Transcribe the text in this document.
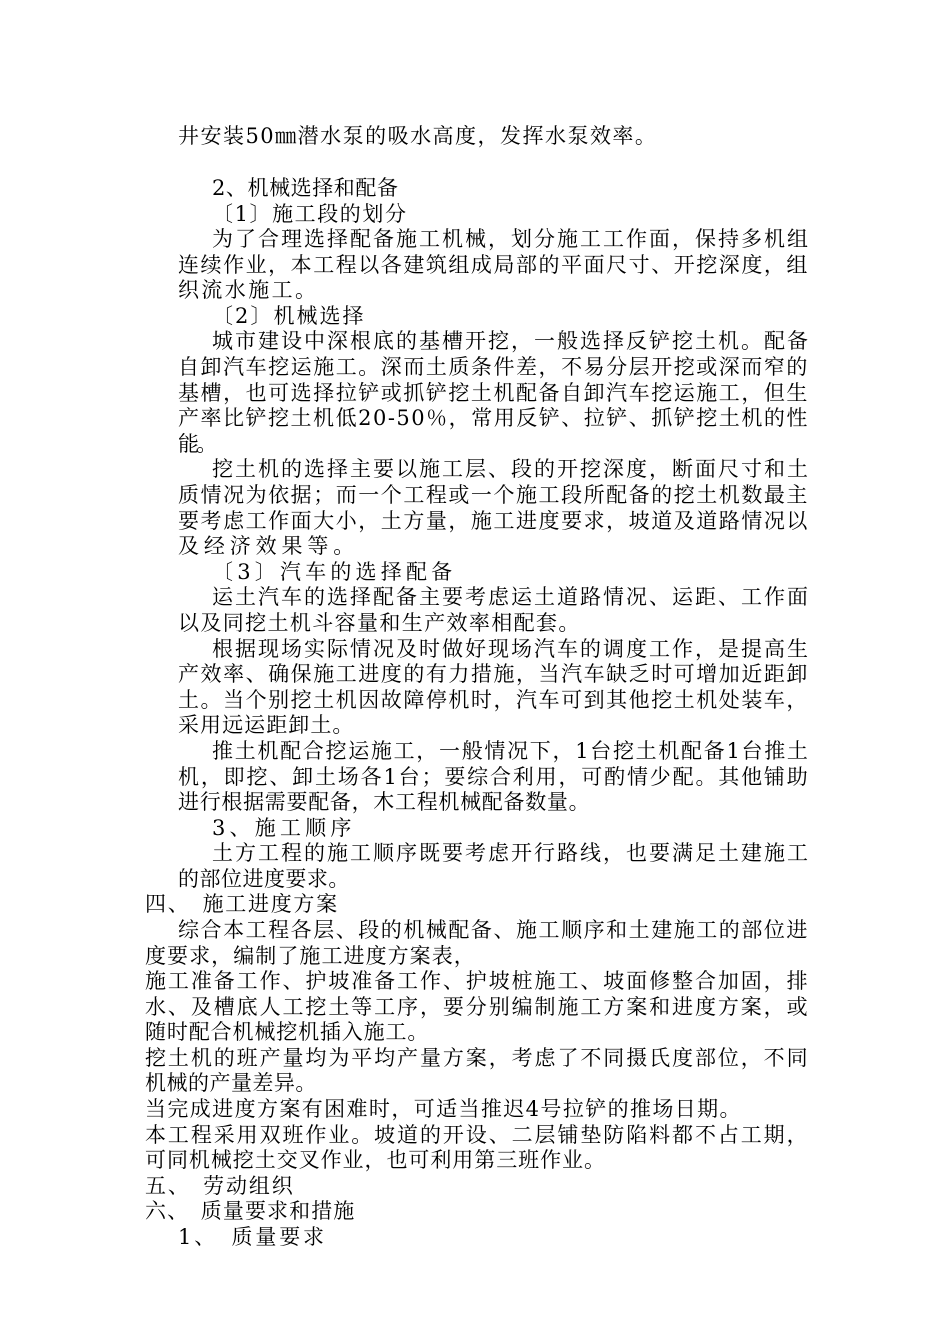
井安装50㎜潜水泵的吸水高度，发挥水泵效率。
2、机械选择和配备
〔1〕施工段的划分
为了合理选择配备施工机械，划分施工工作面，保持多机组
连续作业，本工程以各建筑组成局部的平面尺寸、开挖深度，组
织流水施工。
〔2〕机械选择
城市建设中深根底的基槽开挖，一般选择反铲挖土机。配备
自卸汽车挖运施工。深而土质条件差，不易分层开挖或深而窄的
基槽，也可选择拉铲或抓铲挖土机配备自卸汽车挖运施工，但生
产率比铲挖土机低20-50％，常用反铲、拉铲、抓铲挖土机的性
能。
挖土机的选择主要以施工层、段的开挖深度，断面尺寸和土
质情况为依据；而一个工程或一个施工段所配备的挖土机数最主
要考虑工作面大小，土方量，施工进度要求，坡道及道路情况以
及经济效果等。
〔3〕汽车的选择配备
运土汽车的选择配备主要考虑运土道路情况、运距、工作面
以及同挖土机斗容量和生产效率相配套。
根据现场实际情况及时做好现场汽车的调度工作，是提高生
产效率、确保施工进度的有力措施，当汽车缺乏时可增加近距卸
土。当个别挖土机因故障停机时，汽车可到其他挖土机处装车，
采用远运距卸土。
推土机配合挖运施工，一般情况下，1台挖土机配备1台推土
机，即挖、卸土场各1台；要综合利用，可酌情少配。其他铺助
进行根据需要配备，木工程机械配备数量。
3、施工顺序
土方工程的施工顺序既要考虑开行路线，也要满足土建施工
的部位进度要求。
四、　施工进度方案
综合本工程各层、段的机械配备、施工顺序和土建施工的部位进
度要求，编制了施工进度方案表，
施工准备工作、护坡准备工作、护坡桩施工、坡面修整合加固，排
水、及槽底人工挖土等工序，要分别编制施工方案和进度方案，或
随时配合机械挖机插入施工。
挖土机的班产量均为平均产量方案，考虑了不同摄氏度部位，不同
机械的产量差异。
当完成进度方案有困难时，可适当推迟4号拉铲的推场日期。
本工程采用双班作业。坡道的开设、二层铺垫防陷料都不占工期，
可同机械挖土交叉作业，也可利用第三班作业。
五、　劳动组织
六、　质量要求和措施
1、　质量要求
